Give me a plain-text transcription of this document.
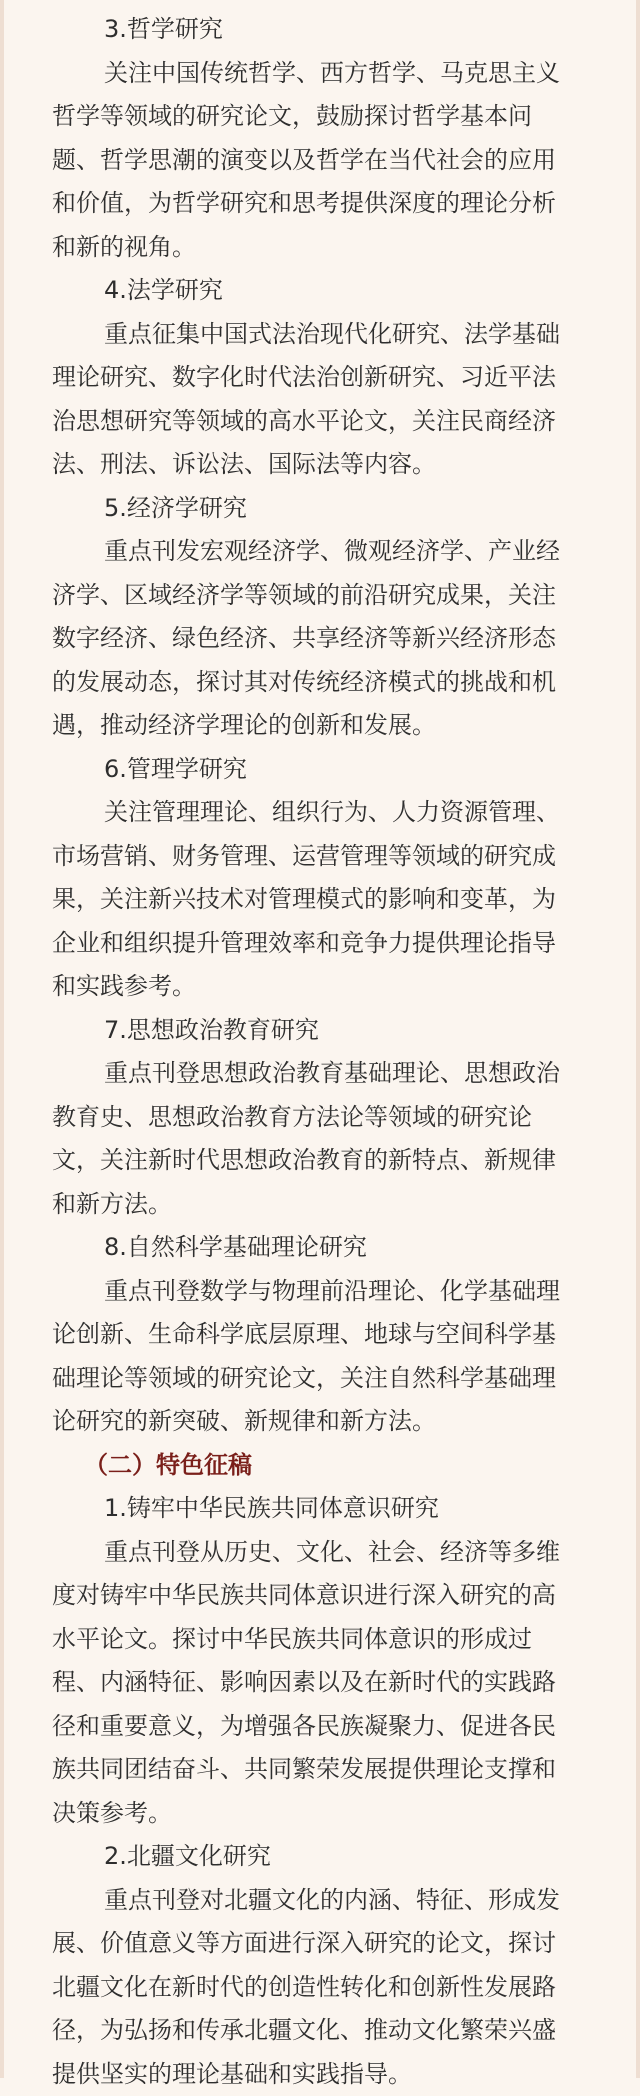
3.哲学研究
关注中国传统哲学、西方哲学、马克思主义
哲学等领域的研究论文，鼓励探讨哲学基本问
题、哲学思潮的演变以及哲学在当代社会的应用
和价值，为哲学研究和思考提供深度的理论分析
和新的视角。
4.法学研究
重点征集中国式法治现代化研究、法学基础
理论研究、数字化时代法治创新研究、习近平法
治思想研究等领域的高水平论文，关注民商经济
法、刑法、诉讼法、国际法等内容。
5.经济学研究
重点刊发宏观经济学、微观经济学、产业经
济学、区域经济学等领域的前沿研究成果，关注
数字经济、绿色经济、共享经济等新兴经济形态
的发展动态，探讨其对传统经济模式的挑战和机
遇，推动经济学理论的创新和发展。
6.管理学研究
关注管理理论、组织行为、人力资源管理、
市场营销、财务管理、运营管理等领域的研究成
果，关注新兴技术对管理模式的影响和变革，为
企业和组织提升管理效率和竞争力提供理论指导
和实践参考。
7.思想政治教育研究
重点刊登思想政治教育基础理论、思想政治
教育史、思想政治教育方法论等领域的研究论
文，关注新时代思想政治教育的新特点、新规律
和新方法。
8.自然科学基础理论研究
重点刊登数学与物理前沿理论、化学基础理
论创新、生命科学底层原理、地球与空间科学基
础理论等领域的研究论文，关注自然科学基础理
论研究的新突破、新规律和新方法。
（二）特色征稿
1.铸牢中华民族共同体意识研究
重点刊登从历史、文化、社会、经济等多维
度对铸牢中华民族共同体意识进行深入研究的高
水平论文。探讨中华民族共同体意识的形成过
程、内涵特征、影响因素以及在新时代的实践路
径和重要意义，为增强各民族凝聚力、促进各民
族共同团结奋斗、共同繁荣发展提供理论支撑和
决策参考。
2.北疆文化研究
重点刊登对北疆文化的内涵、特征、形成发
展、价值意义等方面进行深入研究的论文，探讨
北疆文化在新时代的创造性转化和创新性发展路
径，为弘扬和传承北疆文化、推动文化繁荣兴盛
提供坚实的理论基础和实践指导。
